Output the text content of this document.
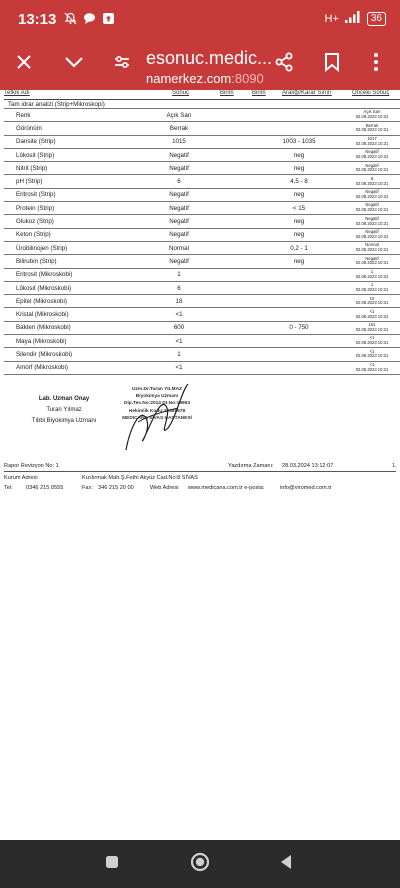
13:13	H+	36
esonuc.medic...
namerkez.com:8090
Tetkik Adı	Sonuç	Birim	Birim	Aralığı/Karar Sınırı	Önceki Sonuç
Tam idrar analizi (Strip+Mikroskopi)				
Renk	Açık Sarı			Açık Sarı
02.08.2023 10:31

Görünüm	Berrak			Berrak
02.08.2023 10:31

Dansite (Strip)	1015		1003 - 1035	1017
02.08.2023 10:31

Lökosit (Strip)	Negatif		neg	Negatif
02.08.2023 10:31

Nitrit (Strip)	Negatif		neg	Negatif
02.08.2023 10:31

pH (Strip)	6		4,5 - 8	6
02.08.2023 10:31

Eritrosit (Strip)	Negatif		neg	Negatif
02.08.2023 10:31

Protein (Strip)	Negatif		< 15	Negatif
02.08.2023 10:31

Glukoz (Strip)	Negatif		neg	Negatif
02.08.2023 10:31

Keton (Strip)	Negatif		neg	Negatif
02.08.2023 10:31

Ürobilinojen (Strip)	Normal		0,2 - 1	Normal
02.08.2023 10:31

Bilirubin (Strip)	Negatif		neg	Negatif
02.08.2023 10:31

Eritrosit (Mikroskobi)	1			1
02.08.2023 10:31

Lökosit (Mikroskobi)	6			1
02.08.2023 10:31

Epitel (Mikroskobi)	18			10
02.08.2023 10:31

Kristal (Mikroskobi)	<1			<1
02.08.2023 10:31

Bakteri (Mikroskobi)	600		0 - 750	151
02.08.2023 10:31

Maya (Mikroskobi)	<1			<1
02.08.2023 10:31

Silendir (Mikroskobi)	1			<1
02.08.2023 10:31

Amorf (Mikroskobi)	<1			<1
02.08.2023 10:31
Lab. Uzman Onay
Turan Yılmaz
Tıbbi Biyokimya Uzmanı
Uzm.Dr.Turan YILMAZ
Biyokimya Uzmanı
Dip.Tes.No:2014 Dt.No:19953
Hekimlik Kodu:12345678
MEDICANA SİVAS HASTANESİ
Rapor Revizyon No: 1	Yazdırma Zamanı: 28.03.2024 13:12:07	1,
Kurum Adresi	Kızılırmak Mah.Ş.Fethi Akyüz Cad.No:8 SİVAS
Tel: 0346 215 0555	Fax: 346 215 20 00	Web Adresi www.medicana.com.tr e-posta:	info@viromed.com.tr
